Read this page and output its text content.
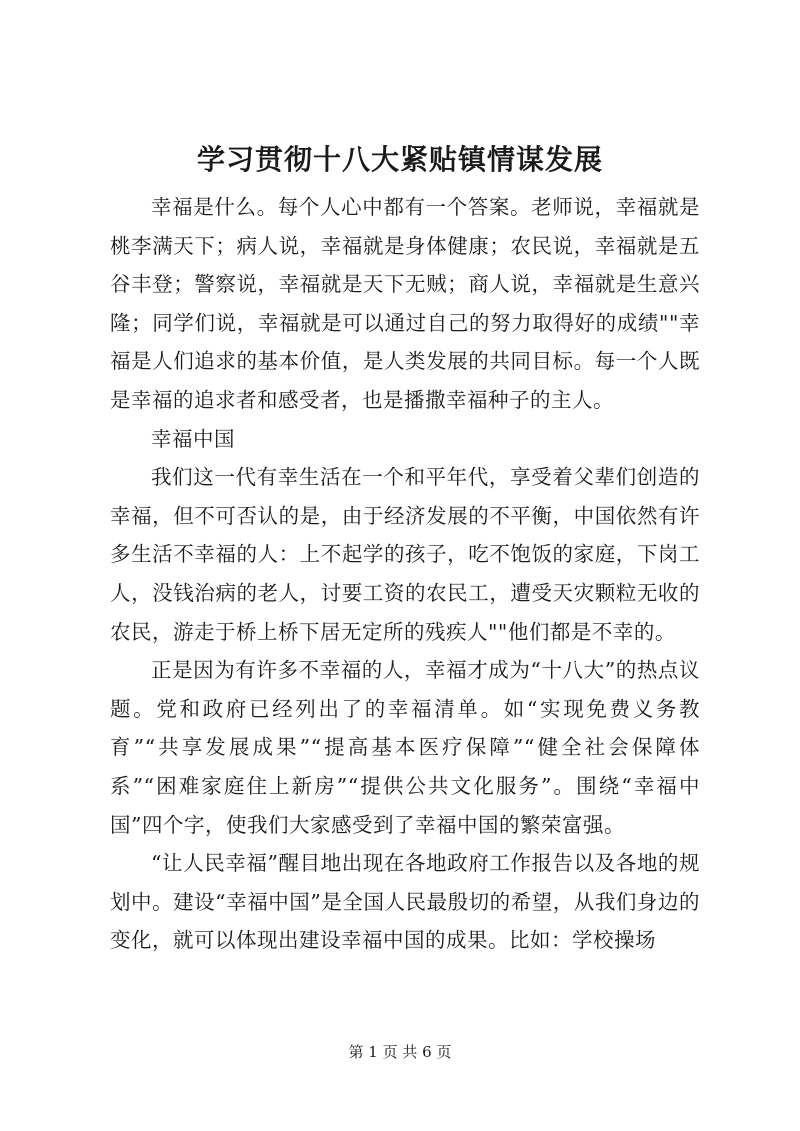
学习贯彻十八大紧贴镇情谋发展

幸福是什么。每个人心中都有一个答案。老师说，幸福就是桃李满天下；病人说，幸福就是身体健康；农民说，幸福就是五谷丰登；警察说，幸福就是天下无贼；商人说，幸福就是生意兴隆；同学们说，幸福就是可以通过自己的努力取得好的成绩""幸福是人们追求的基本价值，是人类发展的共同目标。每一个人既是幸福的追求者和感受者，也是播撒幸福种子的主人。

幸福中国

我们这一代有幸生活在一个和平年代，享受着父辈们创造的幸福，但不可否认的是，由于经济发展的不平衡，中国依然有许多生活不幸福的人：上不起学的孩子，吃不饱饭的家庭，下岗工人，没钱治病的老人，讨要工资的农民工，遭受天灾颗粒无收的农民，游走于桥上桥下居无定所的残疾人""他们都是不幸的。

正是因为有许多不幸福的人，幸福才成为“十八大”的热点议题。党和政府已经列出了的幸福清单。如“实现免费义务教育”“共享发展成果”“提高基本医疗保障”“健全社会保障体系”“困难家庭住上新房”“提供公共文化服务”。围绕“幸福中国”四个字，使我们大家感受到了幸福中国的繁荣富强。

“让人民幸福”醒目地出现在各地政府工作报告以及各地的规划中。建设“幸福中国”是全国人民最殷切的希望，从我们身边的变化，就可以体现出建设幸福中国的成果。比如：学校操场

第 1 页 共 6 页
